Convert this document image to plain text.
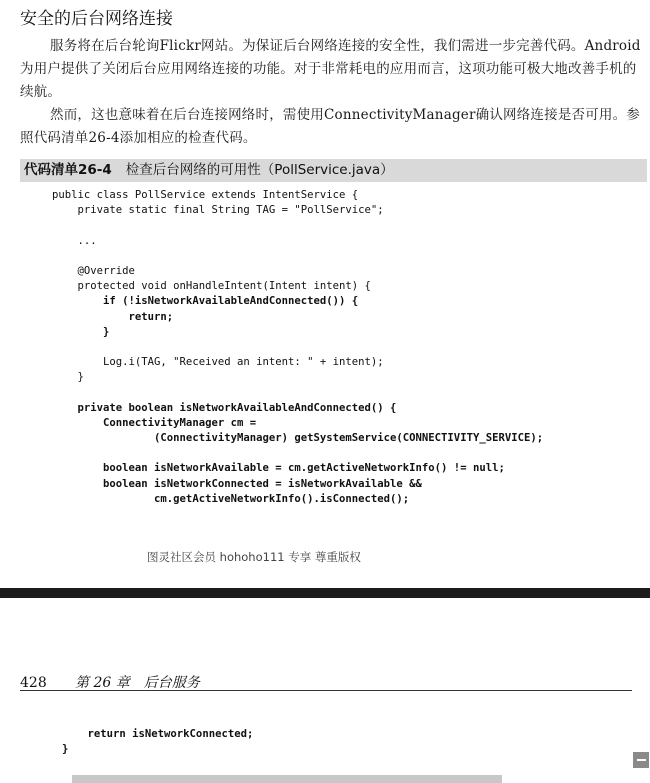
安全的后台网络连接

服务将在后台轮询Flickr网站。为保证后台网络连接的安全性，我们需进一步完善代码。Android为用户提供了关闭后台应用网络连接的功能。对于非常耗电的应用而言，这项功能可极大地改善手机的续航。

然而，这也意味着在后台连接网络时，需使用ConnectivityManager确认网络连接是否可用。参照代码清单26-4添加相应的检查代码。

代码清单26-4 检查后台网络的可用性（PollService.java）
public class PollService extends IntentService {
private static final String TAG = "PollService";
...
@Override
protected void onHandleIntent(Intent intent) {
if (!isNetworkAvailableAndConnected()) {
return;
}
Log.i(TAG, "Received an intent: " + intent);
}
private boolean isNetworkAvailableAndConnected() {
ConnectivityManager cm =
(ConnectivityManager) getSystemService(CONNECTIVITY_SERVICE);
boolean isNetworkAvailable = cm.getActiveNetworkInfo() != null;
boolean isNetworkConnected = isNetworkAvailable &&
cm.getActiveNetworkInfo().isConnected();
图灵社区会员 hohoho111 专享 尊重版权
428 第 26 章　后台服务
return isNetworkConnected;
}
